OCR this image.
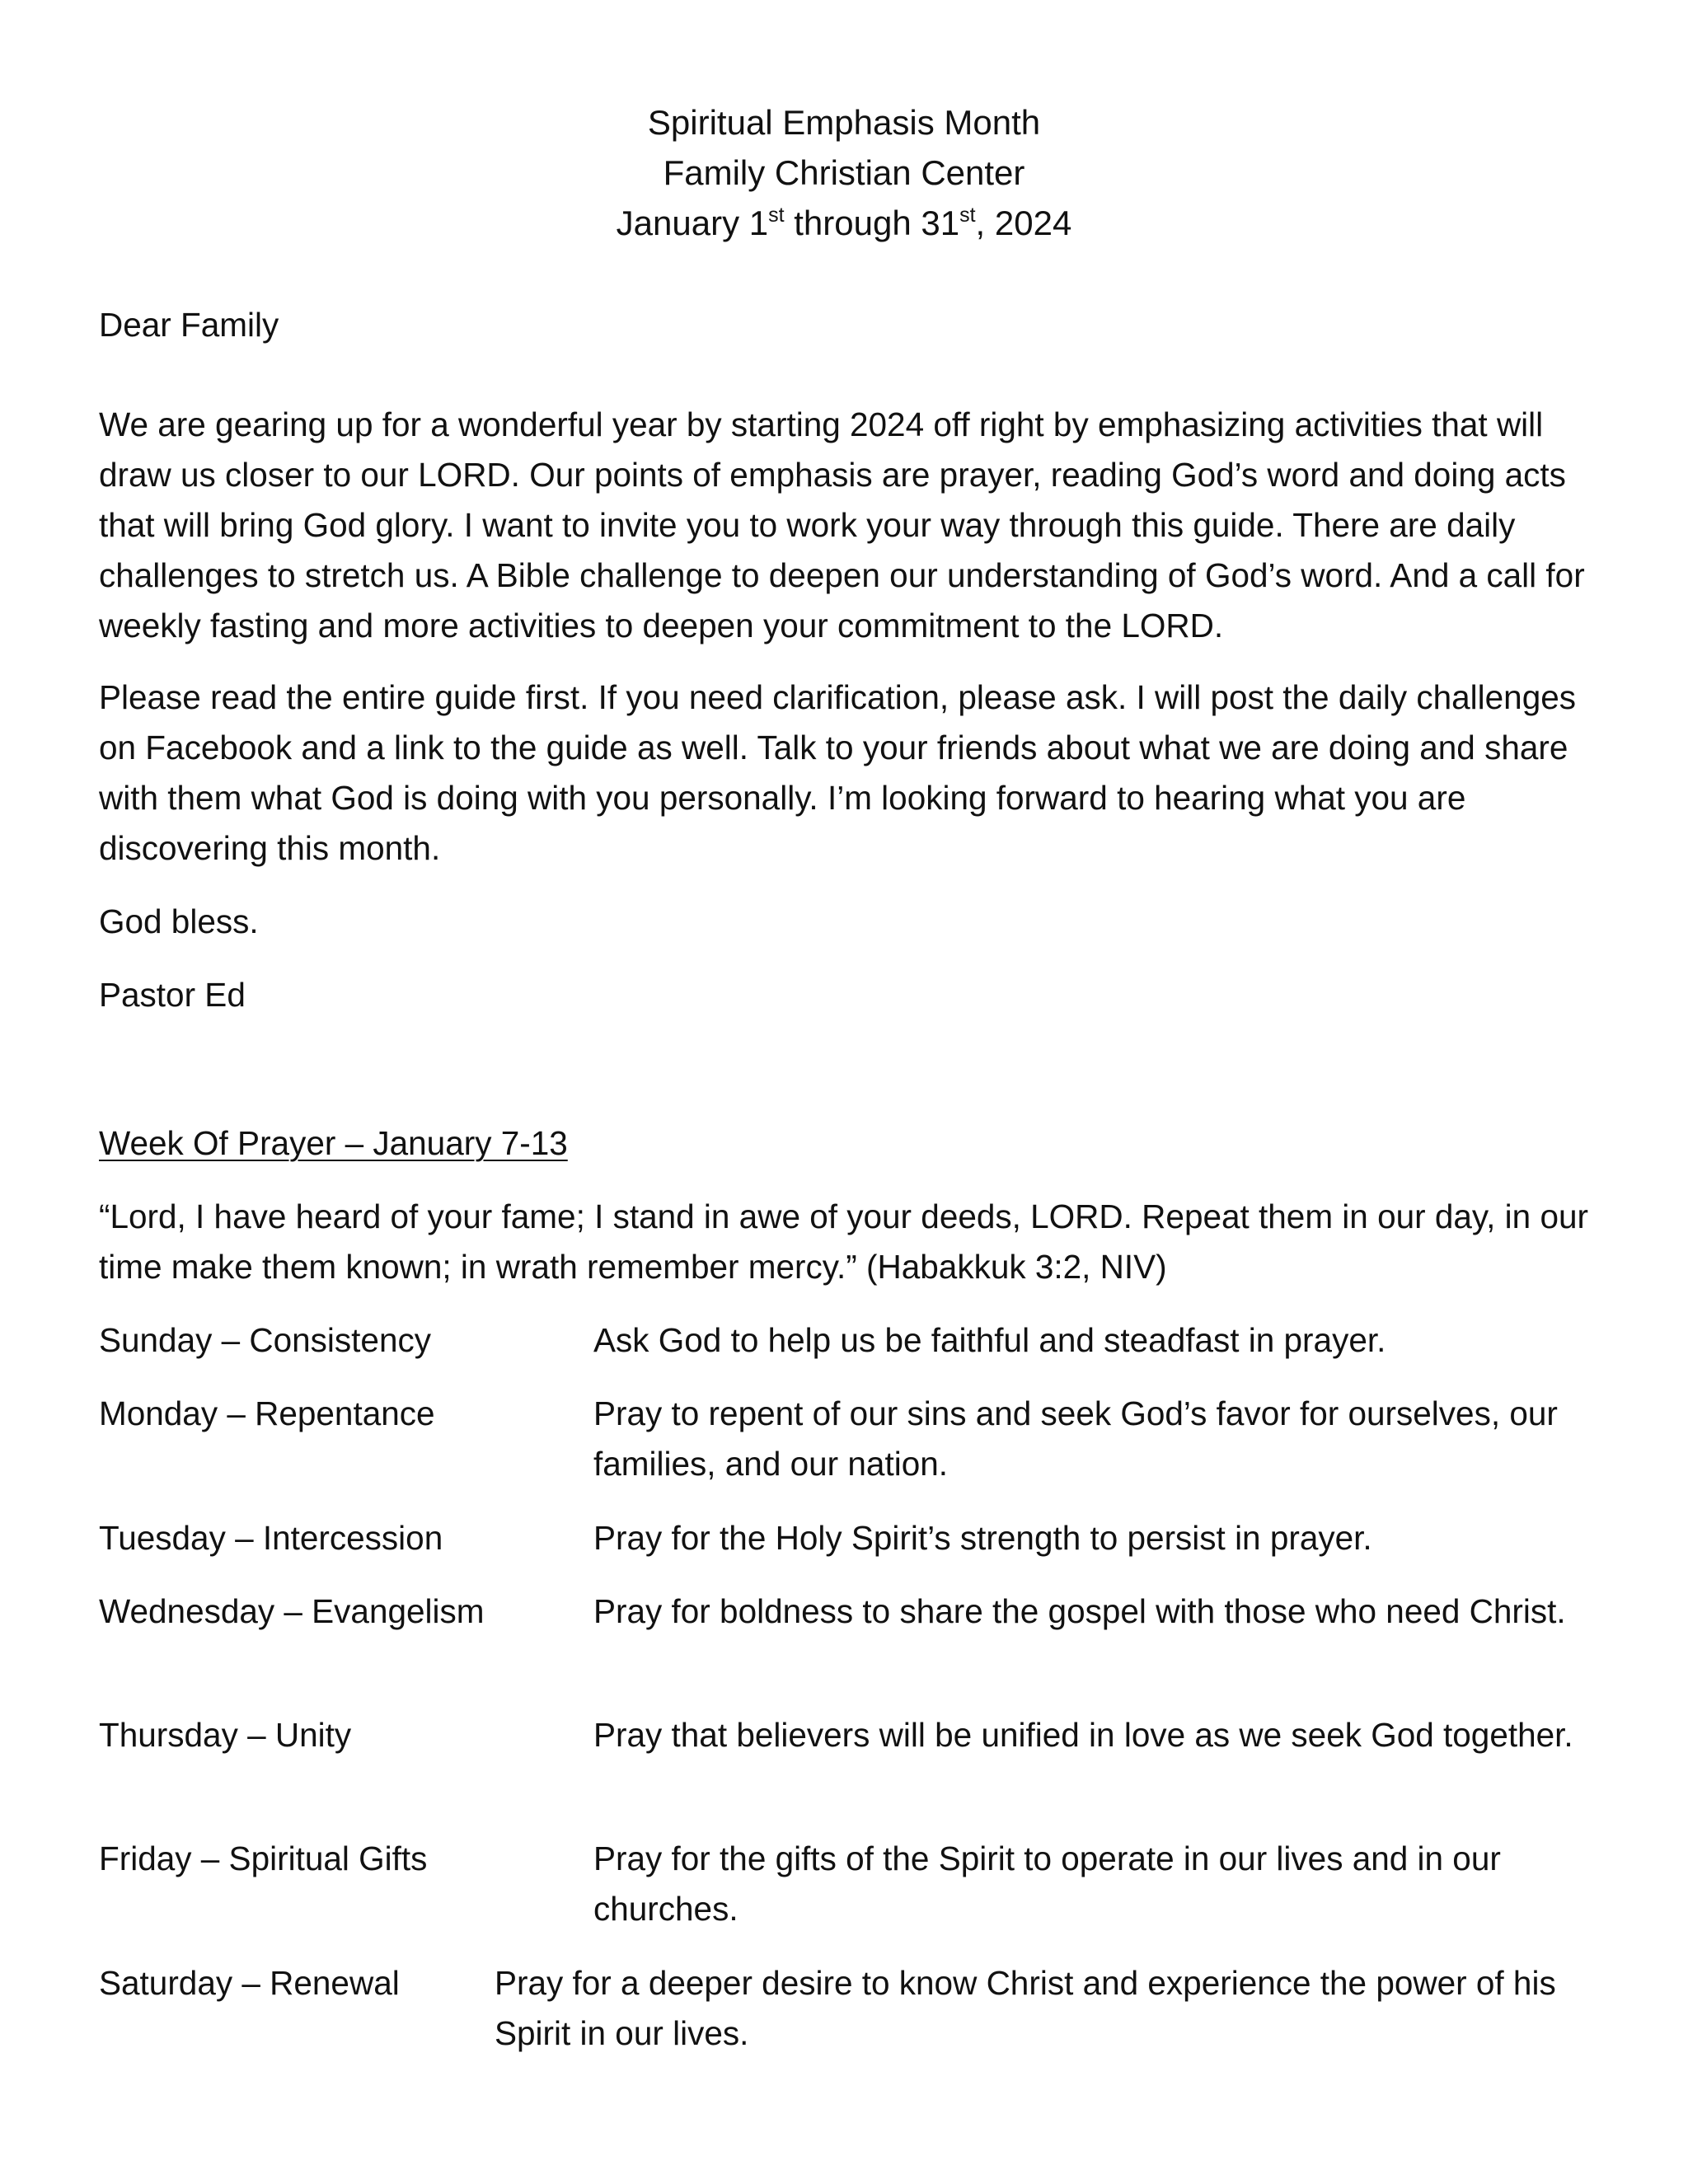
Spiritual Emphasis Month
Family Christian Center
January 1st through 31st, 2024
Dear Family
We are gearing up for a wonderful year by starting 2024 off right by emphasizing activities that will draw us closer to our LORD. Our points of emphasis are prayer, reading God’s word and doing acts that will bring God glory. I want to invite you to work your way through this guide. There are daily challenges to stretch us. A Bible challenge to deepen our understanding of God’s word. And a call for weekly fasting and more activities to deepen your commitment to the LORD.
Please read the entire guide first. If you need clarification, please ask. I will post the daily challenges on Facebook and a link to the guide as well. Talk to your friends about what we are doing and share with them what God is doing with you personally. I’m looking forward to hearing what you are discovering this month.
God bless.
Pastor Ed
Week Of Prayer – January 7-13
“Lord, I have heard of your fame; I stand in awe of your deeds, LORD. Repeat them in our day, in our time make them known; in wrath remember mercy.” (Habakkuk 3:2, NIV)
Sunday – Consistency	Ask God to help us be faithful and steadfast in prayer.
Monday – Repentance	Pray to repent of our sins and seek God’s favor for ourselves, our families, and our nation.
Tuesday – Intercession	Pray for the Holy Spirit’s strength to persist in prayer.
Wednesday – Evangelism	Pray for boldness to share the gospel with those who need Christ.
Thursday – Unity	Pray that believers will be unified in love as we seek God together.
Friday – Spiritual Gifts	Pray for the gifts of the Spirit to operate in our lives and in our churches.
Saturday – Renewal	Pray for a deeper desire to know Christ and experience the power of his Spirit in our lives.
